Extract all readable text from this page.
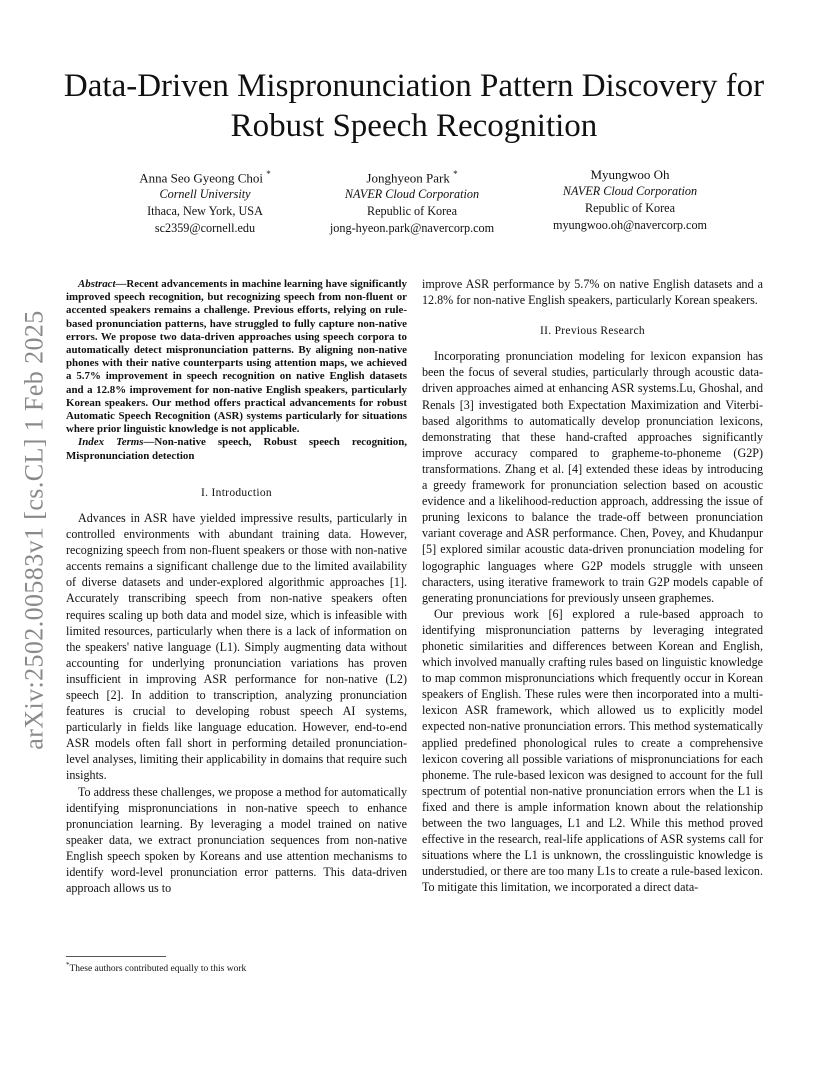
arXiv:2502.00583v1 [cs.CL] 1 Feb 2025
Data-Driven Mispronunciation Pattern Discovery for
Robust Speech Recognition
Anna Seo Gyeong Choi *
Cornell University
Ithaca, New York, USA
sc2359@cornell.edu
Jonghyeon Park *
NAVER Cloud Corporation
Republic of Korea
jong-hyeon.park@navercorp.com
Myungwoo Oh
NAVER Cloud Corporation
Republic of Korea
myungwoo.oh@navercorp.com

Abstract—Recent advancements in machine learning have significantly improved speech recognition, but recognizing speech from non-fluent or accented speakers remains a challenge. Previous efforts, relying on rule-based pronunciation patterns, have struggled to fully capture non-native errors. We propose two data-driven approaches using speech corpora to automatically detect mispronunciation patterns. By aligning non-native phones with their native counterparts using attention maps, we achieved a 5.7% improvement in speech recognition on native English datasets and a 12.8% improvement for non-native English speakers, particularly Korean speakers. Our method offers practical advancements for robust Automatic Speech Recognition (ASR) systems particularly for situations where prior linguistic knowledge is not applicable.

Index Terms—Non-native speech, Robust speech recognition, Mispronunciation detection

I. Introduction

Advances in ASR have yielded impressive results, particularly in controlled environments with abundant training data. However, recognizing speech from non-fluent speakers or those with non-native accents remains a significant challenge due to the limited availability of diverse datasets and under-explored algorithmic approaches [1]. Accurately transcribing speech from non-native speakers often requires scaling up both data and model size, which is infeasible with limited resources, particularly when there is a lack of information on the speakers' native language (L1). Simply augmenting data without accounting for underlying pronunciation variations has proven insufficient in improving ASR performance for non-native (L2) speech [2]. In addition to transcription, analyzing pronunciation features is crucial to developing robust speech AI systems, particularly in fields like language education. However, end-to-end ASR models often fall short in performing detailed pronunciation-level analyses, limiting their applicability in domains that require such insights.

To address these challenges, we propose a method for automatically identifying mispronunciations in non-native speech to enhance pronunciation learning. By leveraging a model trained on native speaker data, we extract pronunciation sequences from non-native English speech spoken by Koreans and use attention mechanisms to identify word-level pronunciation error patterns. This data-driven approach allows us to

*These authors contributed equally to this work

improve ASR performance by 5.7% on native English datasets and a 12.8% for non-native English speakers, particularly Korean speakers.

II. Previous Research

Incorporating pronunciation modeling for lexicon expansion has been the focus of several studies, particularly through acoustic data-driven approaches aimed at enhancing ASR systems.Lu, Ghoshal, and Renals [3] investigated both Expectation Maximization and Viterbi-based algorithms to automatically develop pronunciation lexicons, demonstrating that these hand-crafted approaches significantly improve accuracy compared to grapheme-to-phoneme (G2P) transformations. Zhang et al. [4] extended these ideas by introducing a greedy framework for pronunciation selection based on acoustic evidence and a likelihood-reduction approach, addressing the issue of pruning lexicons to balance the trade-off between pronunciation variant coverage and ASR performance. Chen, Povey, and Khudanpur [5] explored similar acoustic data-driven pronunciation modeling for logographic languages where G2P models struggle with unseen characters, using iterative framework to train G2P models capable of generating pronunciations for previously unseen graphemes.

Our previous work [6] explored a rule-based approach to identifying mispronunciation patterns by leveraging integrated phonetic similarities and differences between Korean and English, which involved manually crafting rules based on linguistic knowledge to map common mispronunciations which frequently occur in Korean speakers of English. These rules were then incorporated into a multi-lexicon ASR framework, which allowed us to explicitly model expected non-native pronunciation errors. This method systematically applied predefined phonological rules to create a comprehensive lexicon covering all possible variations of mispronunciations for each phoneme. The rule-based lexicon was designed to account for the full spectrum of potential non-native pronunciation errors when the L1 is fixed and there is ample information known about the relationship between the two languages, L1 and L2. While this method proved effective in the research, real-life applications of ASR systems call for situations where the L1 is unknown, the crosslinguistic knowledge is understudied, or there are too many L1s to create a rule-based lexicon. To mitigate this limitation, we incorporated a direct data-
